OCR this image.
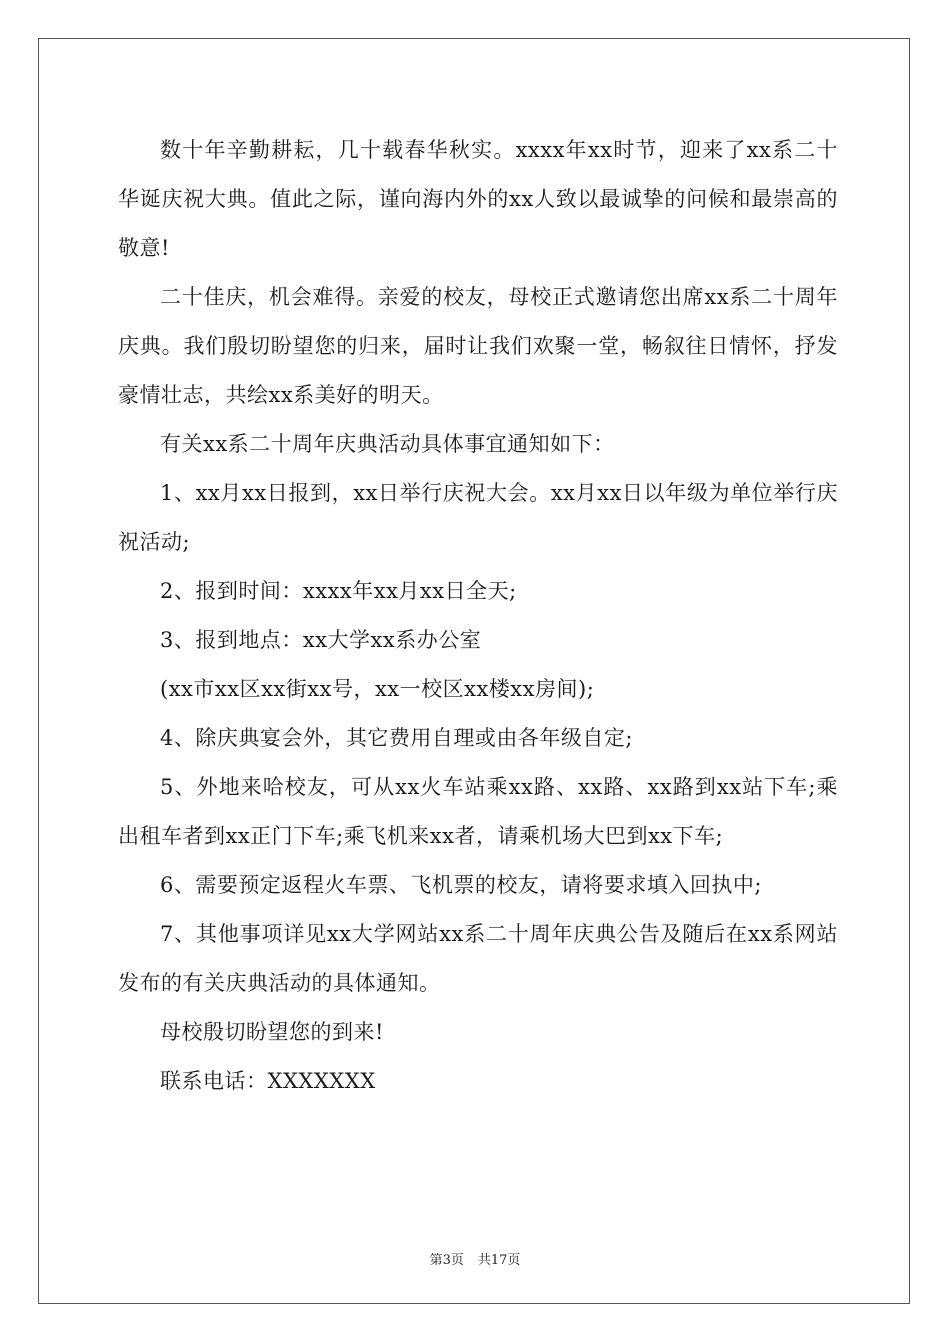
数十年辛勤耕耘，几十载春华秋实。xxxx年xx时节，迎来了xx系二十华诞庆祝大典。值此之际，谨向海内外的xx人致以最诚挚的问候和最崇高的敬意!

二十佳庆，机会难得。亲爱的校友，母校正式邀请您出席xx系二十周年庆典。我们殷切盼望您的归来，届时让我们欢聚一堂，畅叙往日情怀，抒发豪情壮志，共绘xx系美好的明天。

有关xx系二十周年庆典活动具体事宜通知如下：

1、xx月xx日报到，xx日举行庆祝大会。xx月xx日以年级为单位举行庆祝活动;

2、报到时间：xxxx年xx月xx日全天;

3、报到地点：xx大学xx系办公室

(xx市xx区xx街xx号，xx一校区xx楼xx房间);

4、除庆典宴会外，其它费用自理或由各年级自定;

5、外地来哈校友，可从xx火车站乘xx路、xx路、xx路到xx站下车;乘出租车者到xx正门下车;乘飞机来xx者，请乘机场大巴到xx下车;

6、需要预定返程火车票、飞机票的校友，请将要求填入回执中;

7、其他事项详见xx大学网站xx系二十周年庆典公告及随后在xx系网站发布的有关庆典活动的具体通知。

母校殷切盼望您的到来!

联系电话：XXXXXXX

第3页 共17页
